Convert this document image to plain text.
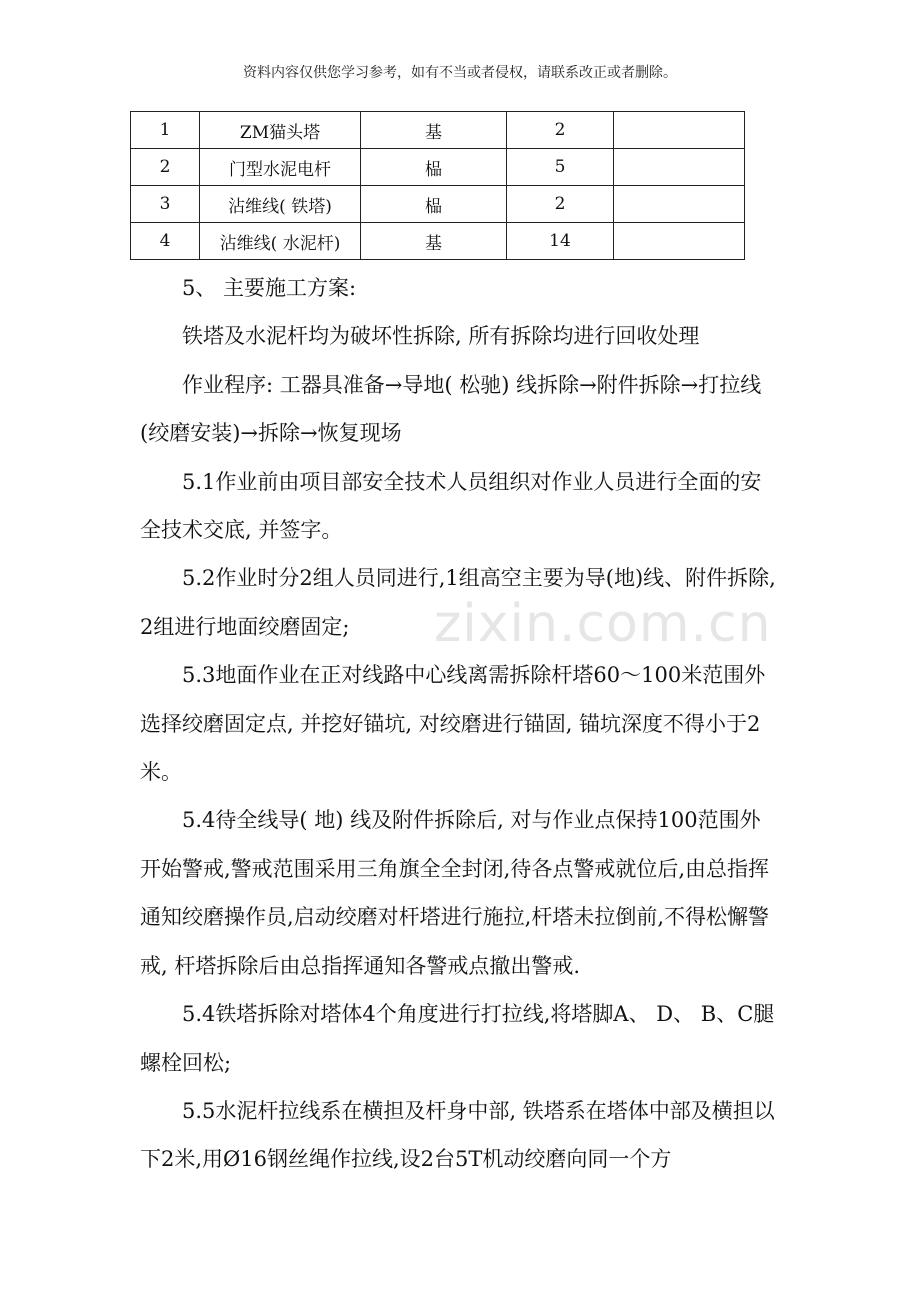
资料内容仅供您学习参考，如有不当或者侵权，请联系改正或者删除。
1	ZM猫头塔	基	2	
2	门型水泥电杆	榀	5	
3	沾维线( 铁塔)	榀	2	
4	沾维线( 水泥杆)	基	14	
zixin.com.cn

5、 主要施工方案:

铁塔及水泥杆均为破坏性拆除, 所有拆除均进行回收处理

作业程序: 工器具准备→导地( 松驰) 线拆除→附件拆除→打拉线(绞磨安装)→拆除→恢复现场

5.1作业前由项目部安全技术人员组织对作业人员进行全面的安全技术交底, 并签字。

5.2作业时分2组人员同进行,1组高空主要为导(地)线、附件拆除, 2组进行地面绞磨固定;

5.3地面作业在正对线路中心线离需拆除杆塔60～100米范围外选择绞磨固定点, 并挖好锚坑, 对绞磨进行锚固, 锚坑深度不得小于2米。

5.4待全线导( 地) 线及附件拆除后, 对与作业点保持100范围外开始警戒,警戒范围采用三角旗全全封闭,待各点警戒就位后,由总指挥通知绞磨操作员,启动绞磨对杆塔进行施拉,杆塔未拉倒前,不得松懈警戒, 杆塔拆除后由总指挥通知各警戒点撤出警戒.

5.4铁塔拆除对塔体4个角度进行打拉线,将塔脚A、 D、 B、C腿螺栓回松;

5.5水泥杆拉线系在横担及杆身中部, 铁塔系在塔体中部及横担以下2米,用Ø16钢丝绳作拉线,设2台5T机动绞磨向同一个方
